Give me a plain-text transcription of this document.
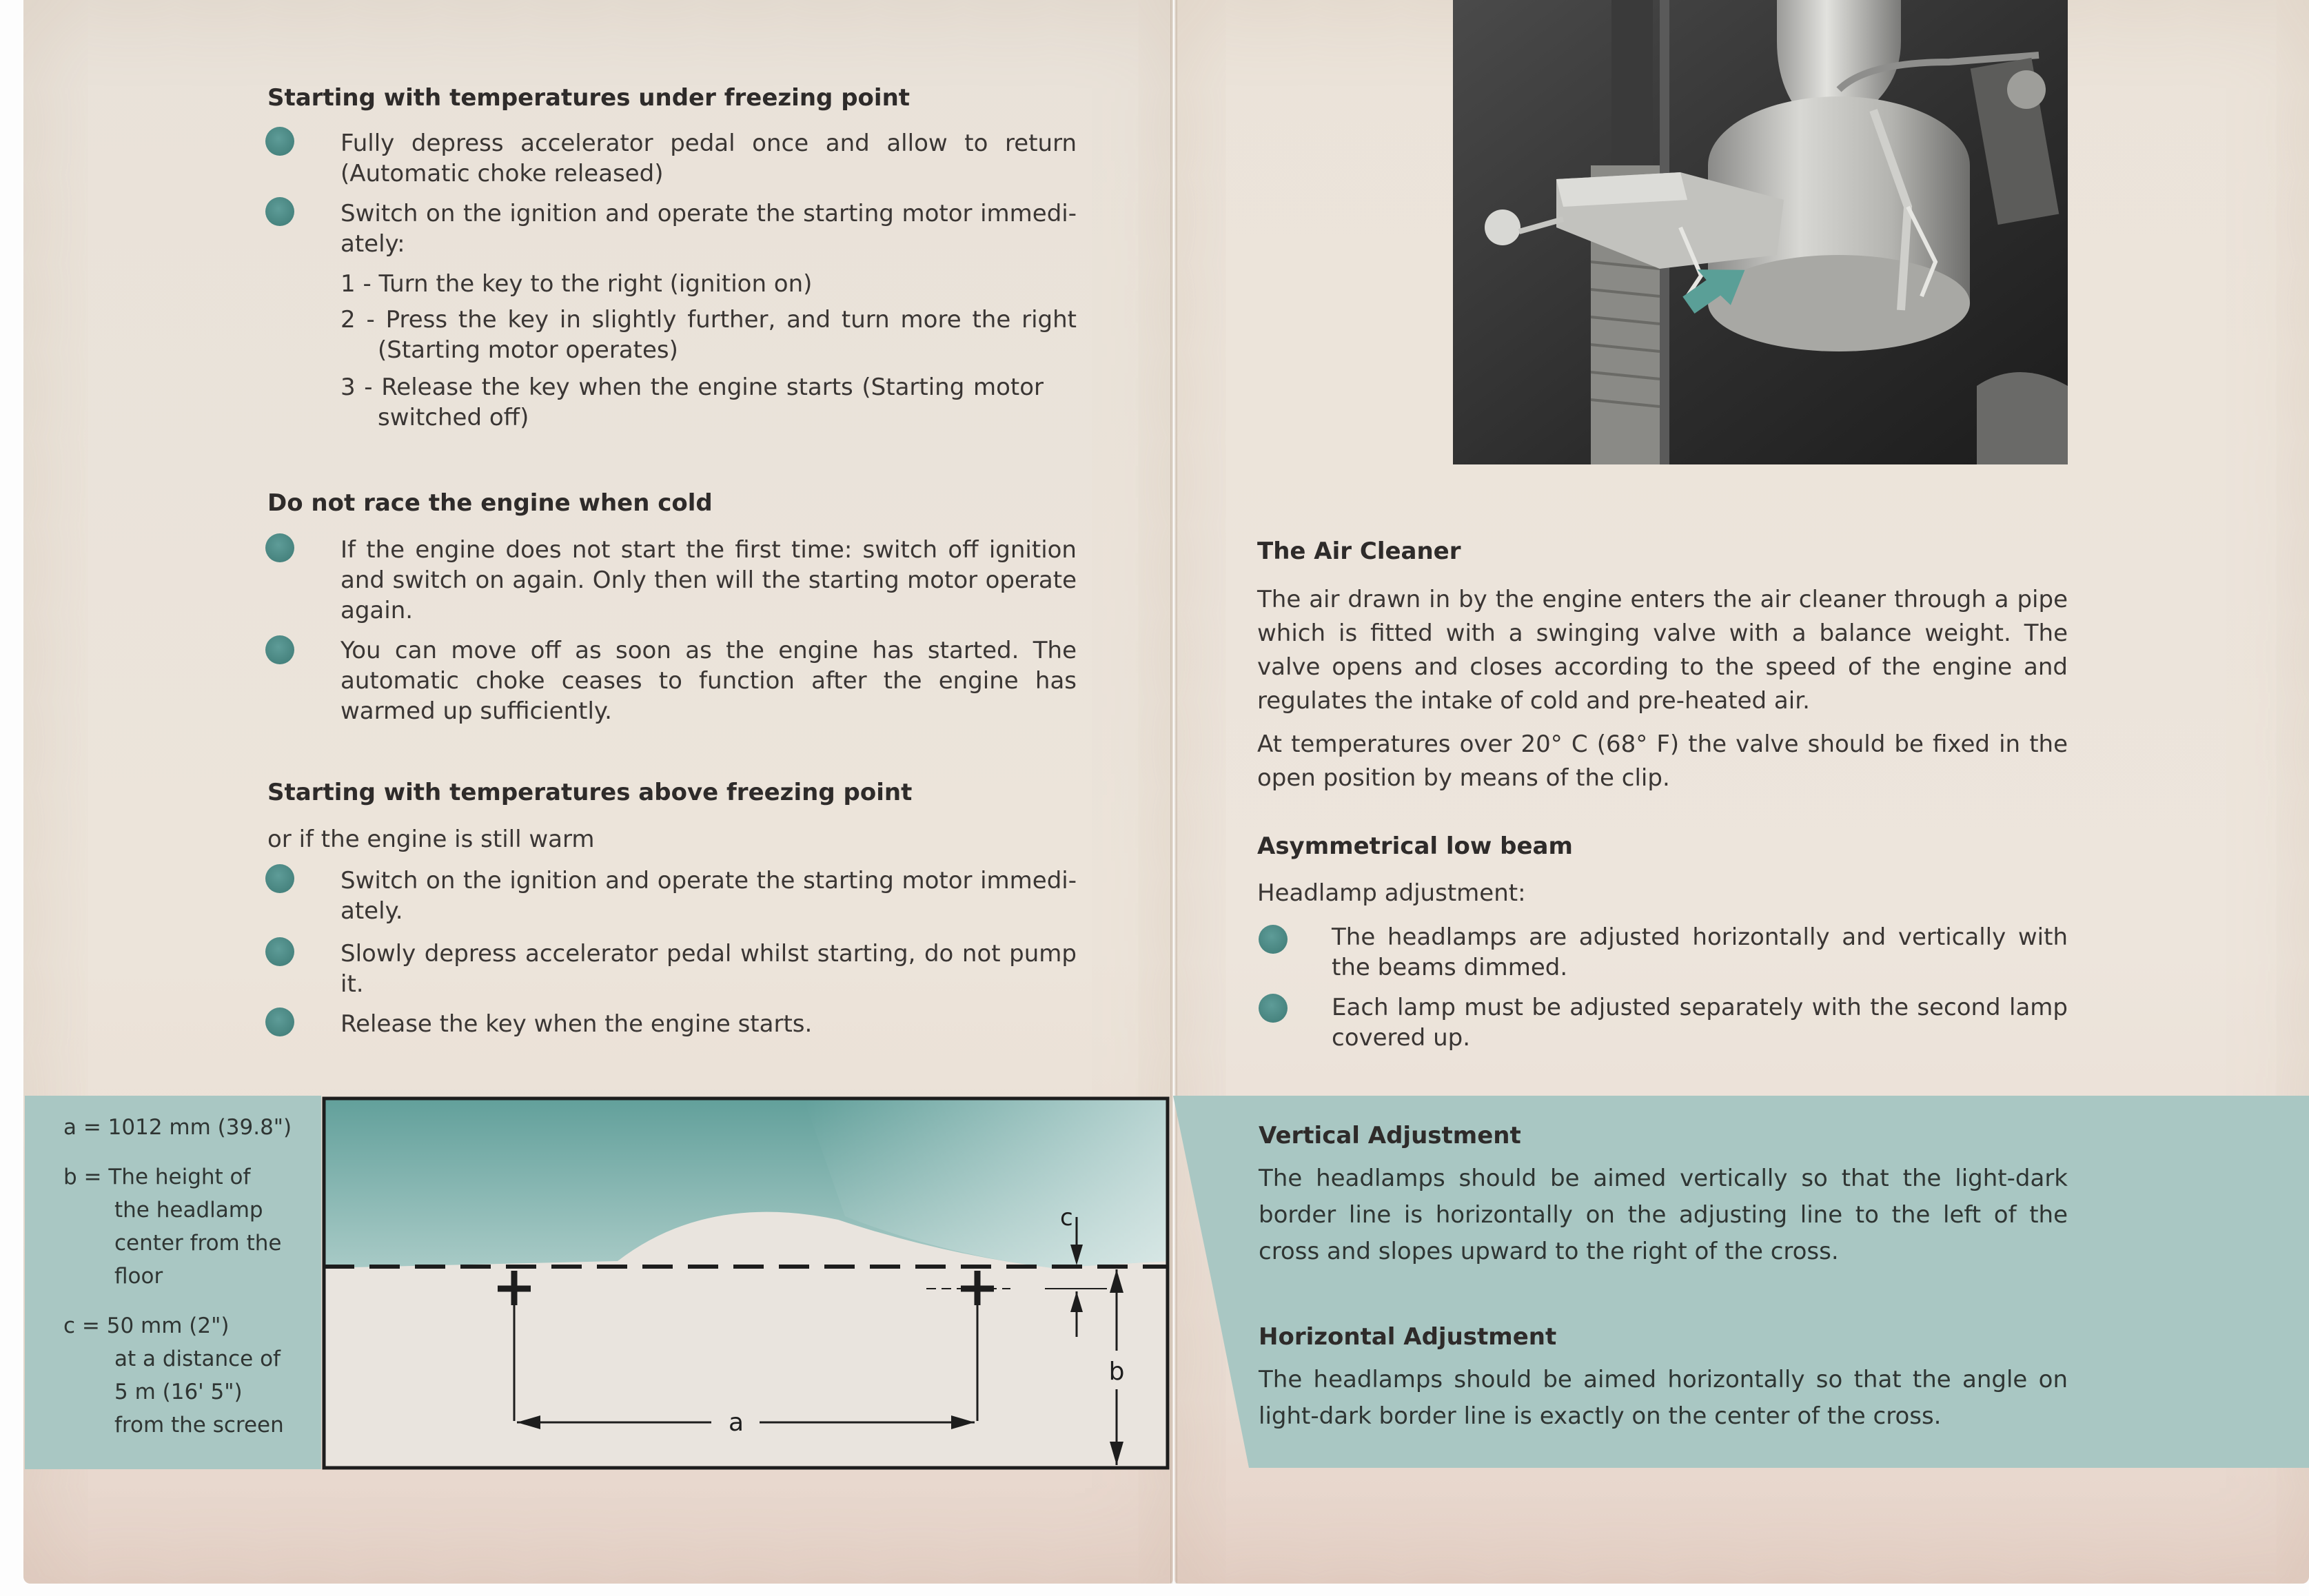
Starting with temperatures under freezing point
Fully depress accelerator pedal once and allow to return (Automatic choke released)
Switch on the ignition and operate the starting motor immedi-ately:
1 - Turn the key to the right (ignition on)
2 - Press the key in slightly further, and turn more the right (Starting motor operates)
3 - Release the key when the engine starts (Starting motor switched off)
Do not race the engine when cold
If the engine does not start the first time: switch off ignition and switch on again. Only then will the starting motor operate again.
You can move off as soon as the engine has started. The automatic choke ceases to function after the engine has warmed up sufficiently.
Starting with temperatures above freezing point
or if the engine is still warm
Switch on the ignition and operate the starting motor immedi-ately.
Slowly depress accelerator pedal whilst starting, do not pump it.
Release the key when the engine starts.
a = 1012 mm (39.8")
b = The height of
the headlamp
center from the
floor
c = 50 mm (2")
at a distance of
5 m (16' 5")
from the screen	a
c
b
The Air Cleaner
The air drawn in by the engine enters the air cleaner through a pipe which is fitted with a swinging valve with a balance weight. The valve opens and closes according to the speed of the engine and regulates the intake of cold and pre-heated air.
At temperatures over 20° C (68° F) the valve should be fixed in the open position by means of the clip.
Asymmetrical low beam
Headlamp adjustment:
The headlamps are adjusted horizontally and vertically with the beams dimmed.
Each lamp must be adjusted separately with the second lamp covered up.
Vertical Adjustment
The headlamps should be aimed vertically so that the light-dark border line is horizontally on the adjusting line to the left of the cross and slopes upward to the right of the cross.
Horizontal Adjustment
The headlamps should be aimed horizontally so that the angle on light-dark border line is exactly on the center of the cross.
